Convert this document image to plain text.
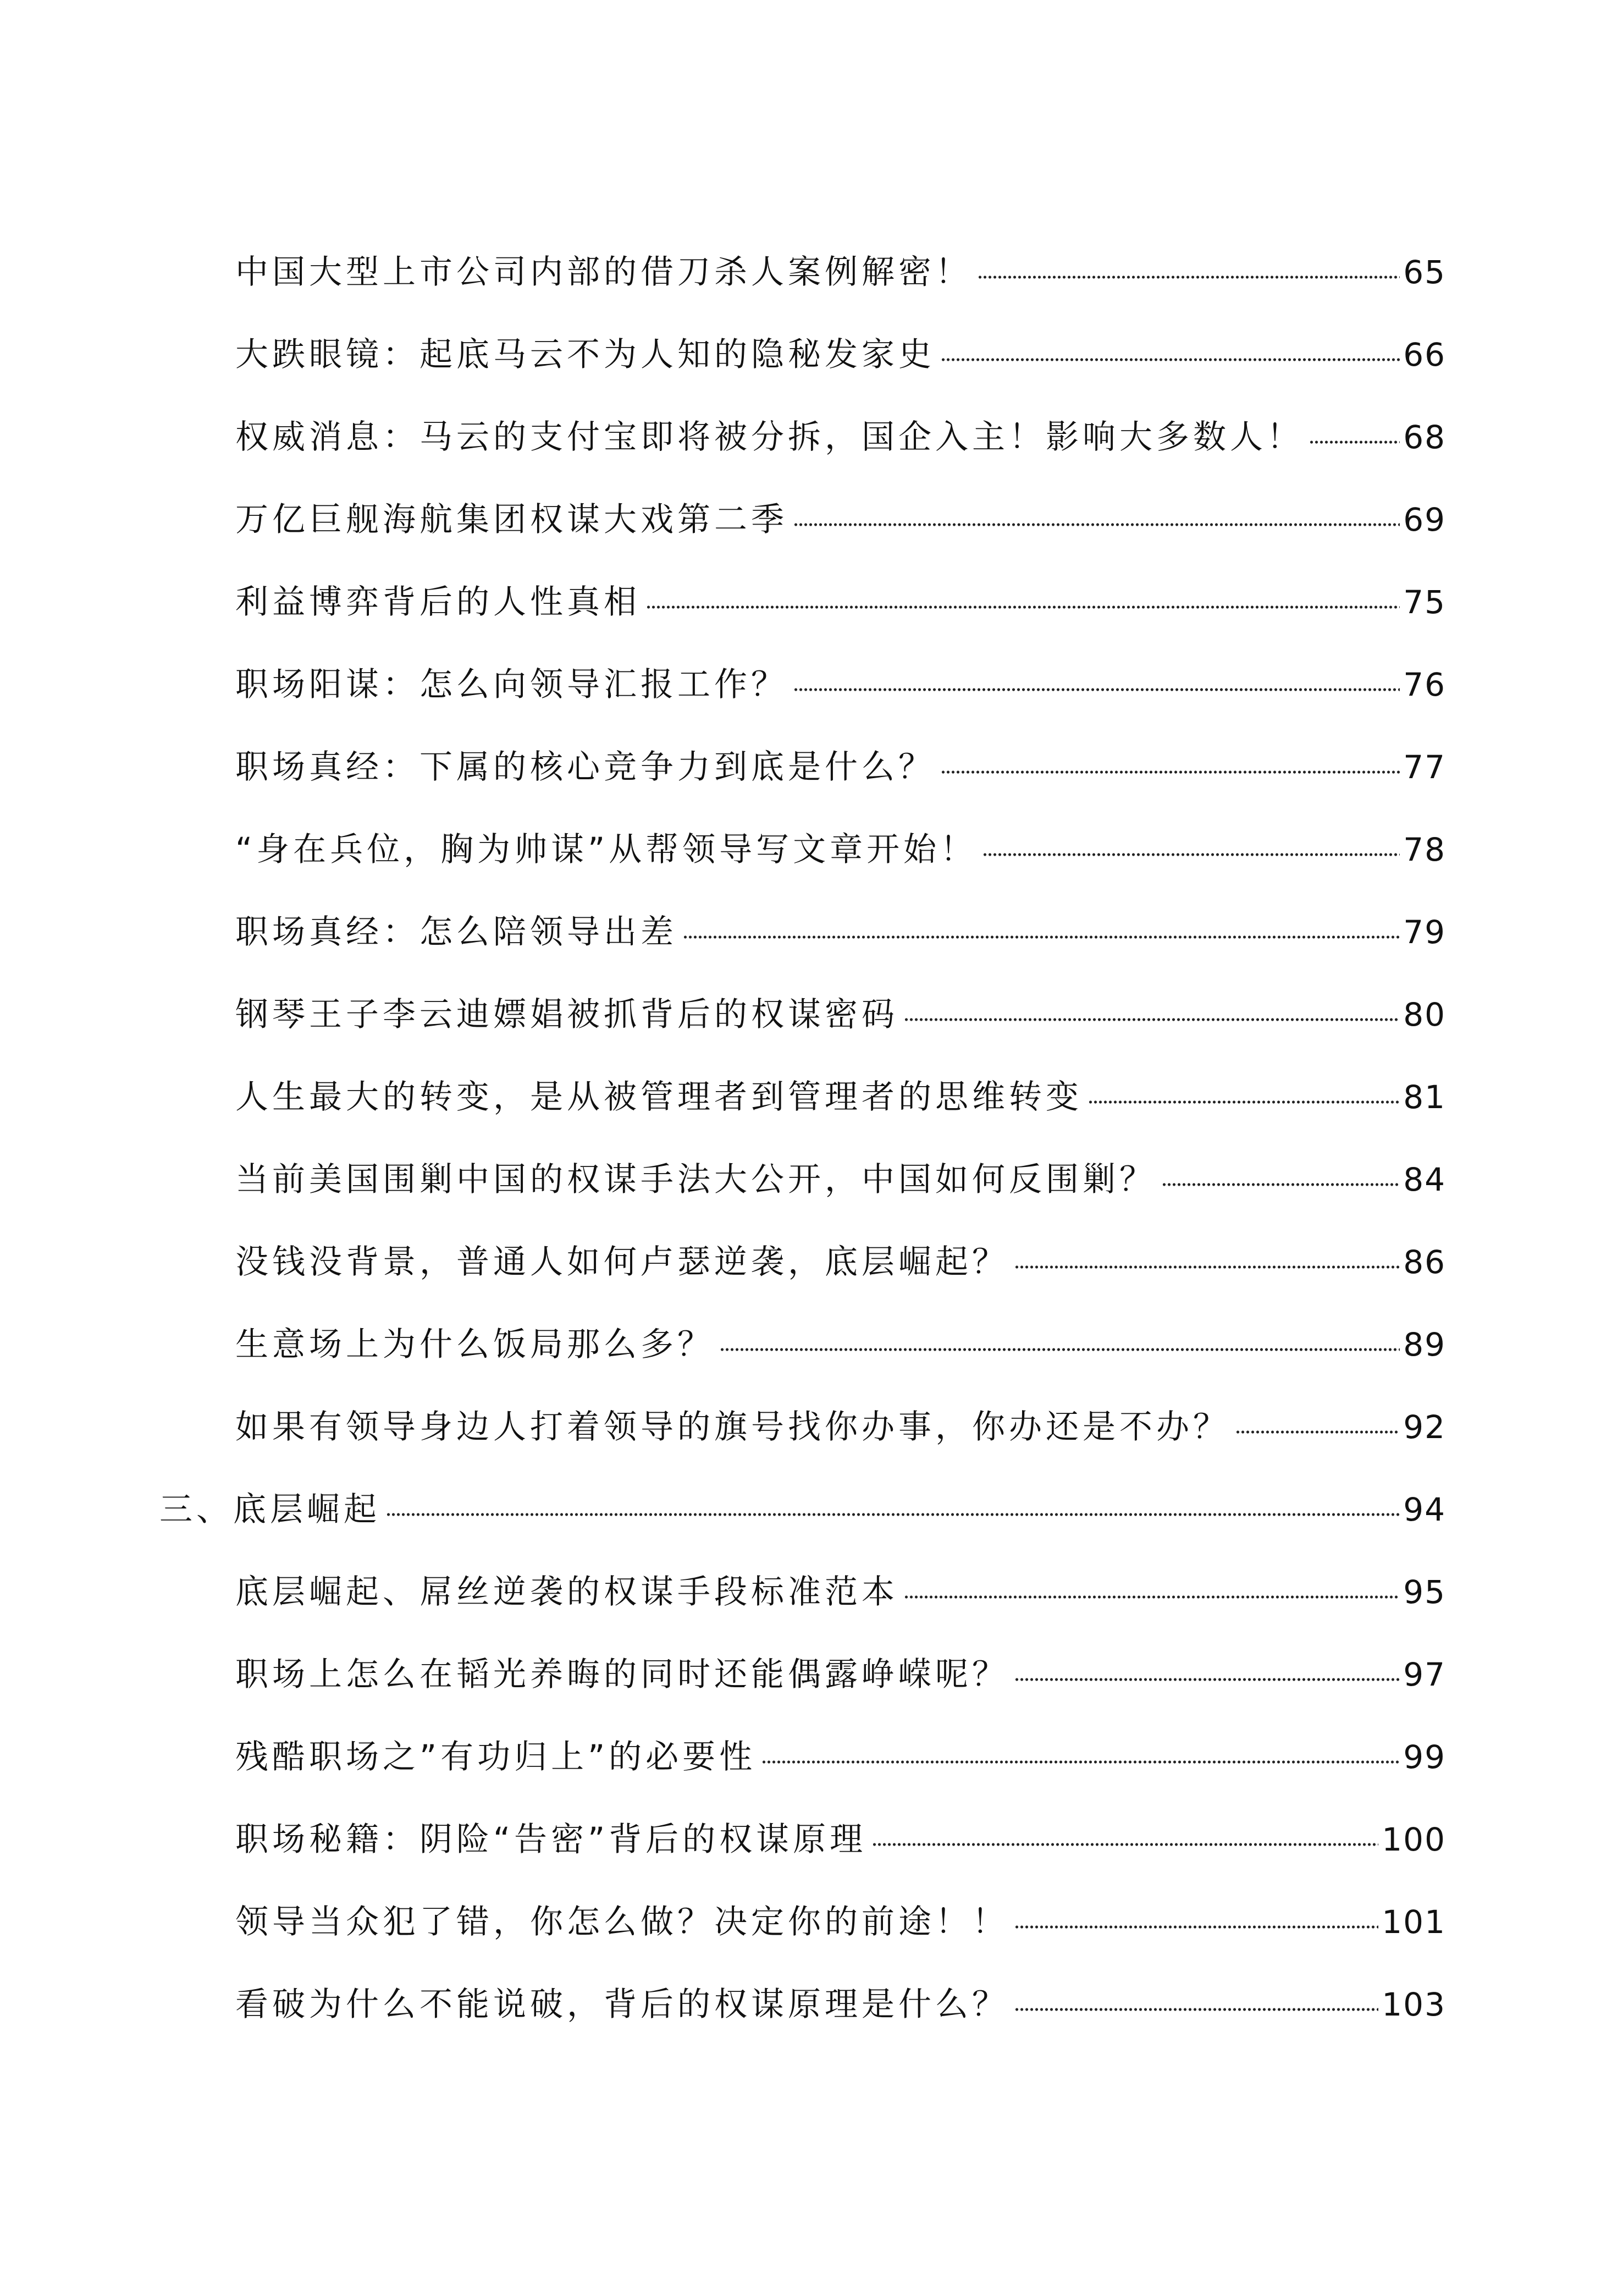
中国大型上市公司内部的借刀杀人案例解密！	65
大跌眼镜：起底马云不为人知的隐秘发家史	66
权威消息：马云的支付宝即将被分拆，国企入主！影响大多数人！	68
万亿巨舰海航集团权谋大戏第二季	69
利益博弈背后的人性真相	75
职场阳谋：怎么向领导汇报工作？	76
职场真经：下属的核心竞争力到底是什么？	77
“身在兵位，胸为帅谋”从帮领导写文章开始！	78
职场真经：怎么陪领导出差	79
钢琴王子李云迪嫖娼被抓背后的权谋密码	80
人生最大的转变，是从被管理者到管理者的思维转变	81
当前美国围剿中国的权谋手法大公开，中国如何反围剿？	84
没钱没背景，普通人如何卢瑟逆袭，底层崛起？	86
生意场上为什么饭局那么多？	89
如果有领导身边人打着领导的旗号找你办事，你办还是不办？	92
三、底层崛起	94
底层崛起、屌丝逆袭的权谋手段标准范本	95
职场上怎么在韬光养晦的同时还能偶露峥嵘呢？	97
残酷职场之”有功归上”的必要性	99
职场秘籍：阴险“告密”背后的权谋原理	100
领导当众犯了错，你怎么做？决定你的前途！！	101
看破为什么不能说破，背后的权谋原理是什么？	103
